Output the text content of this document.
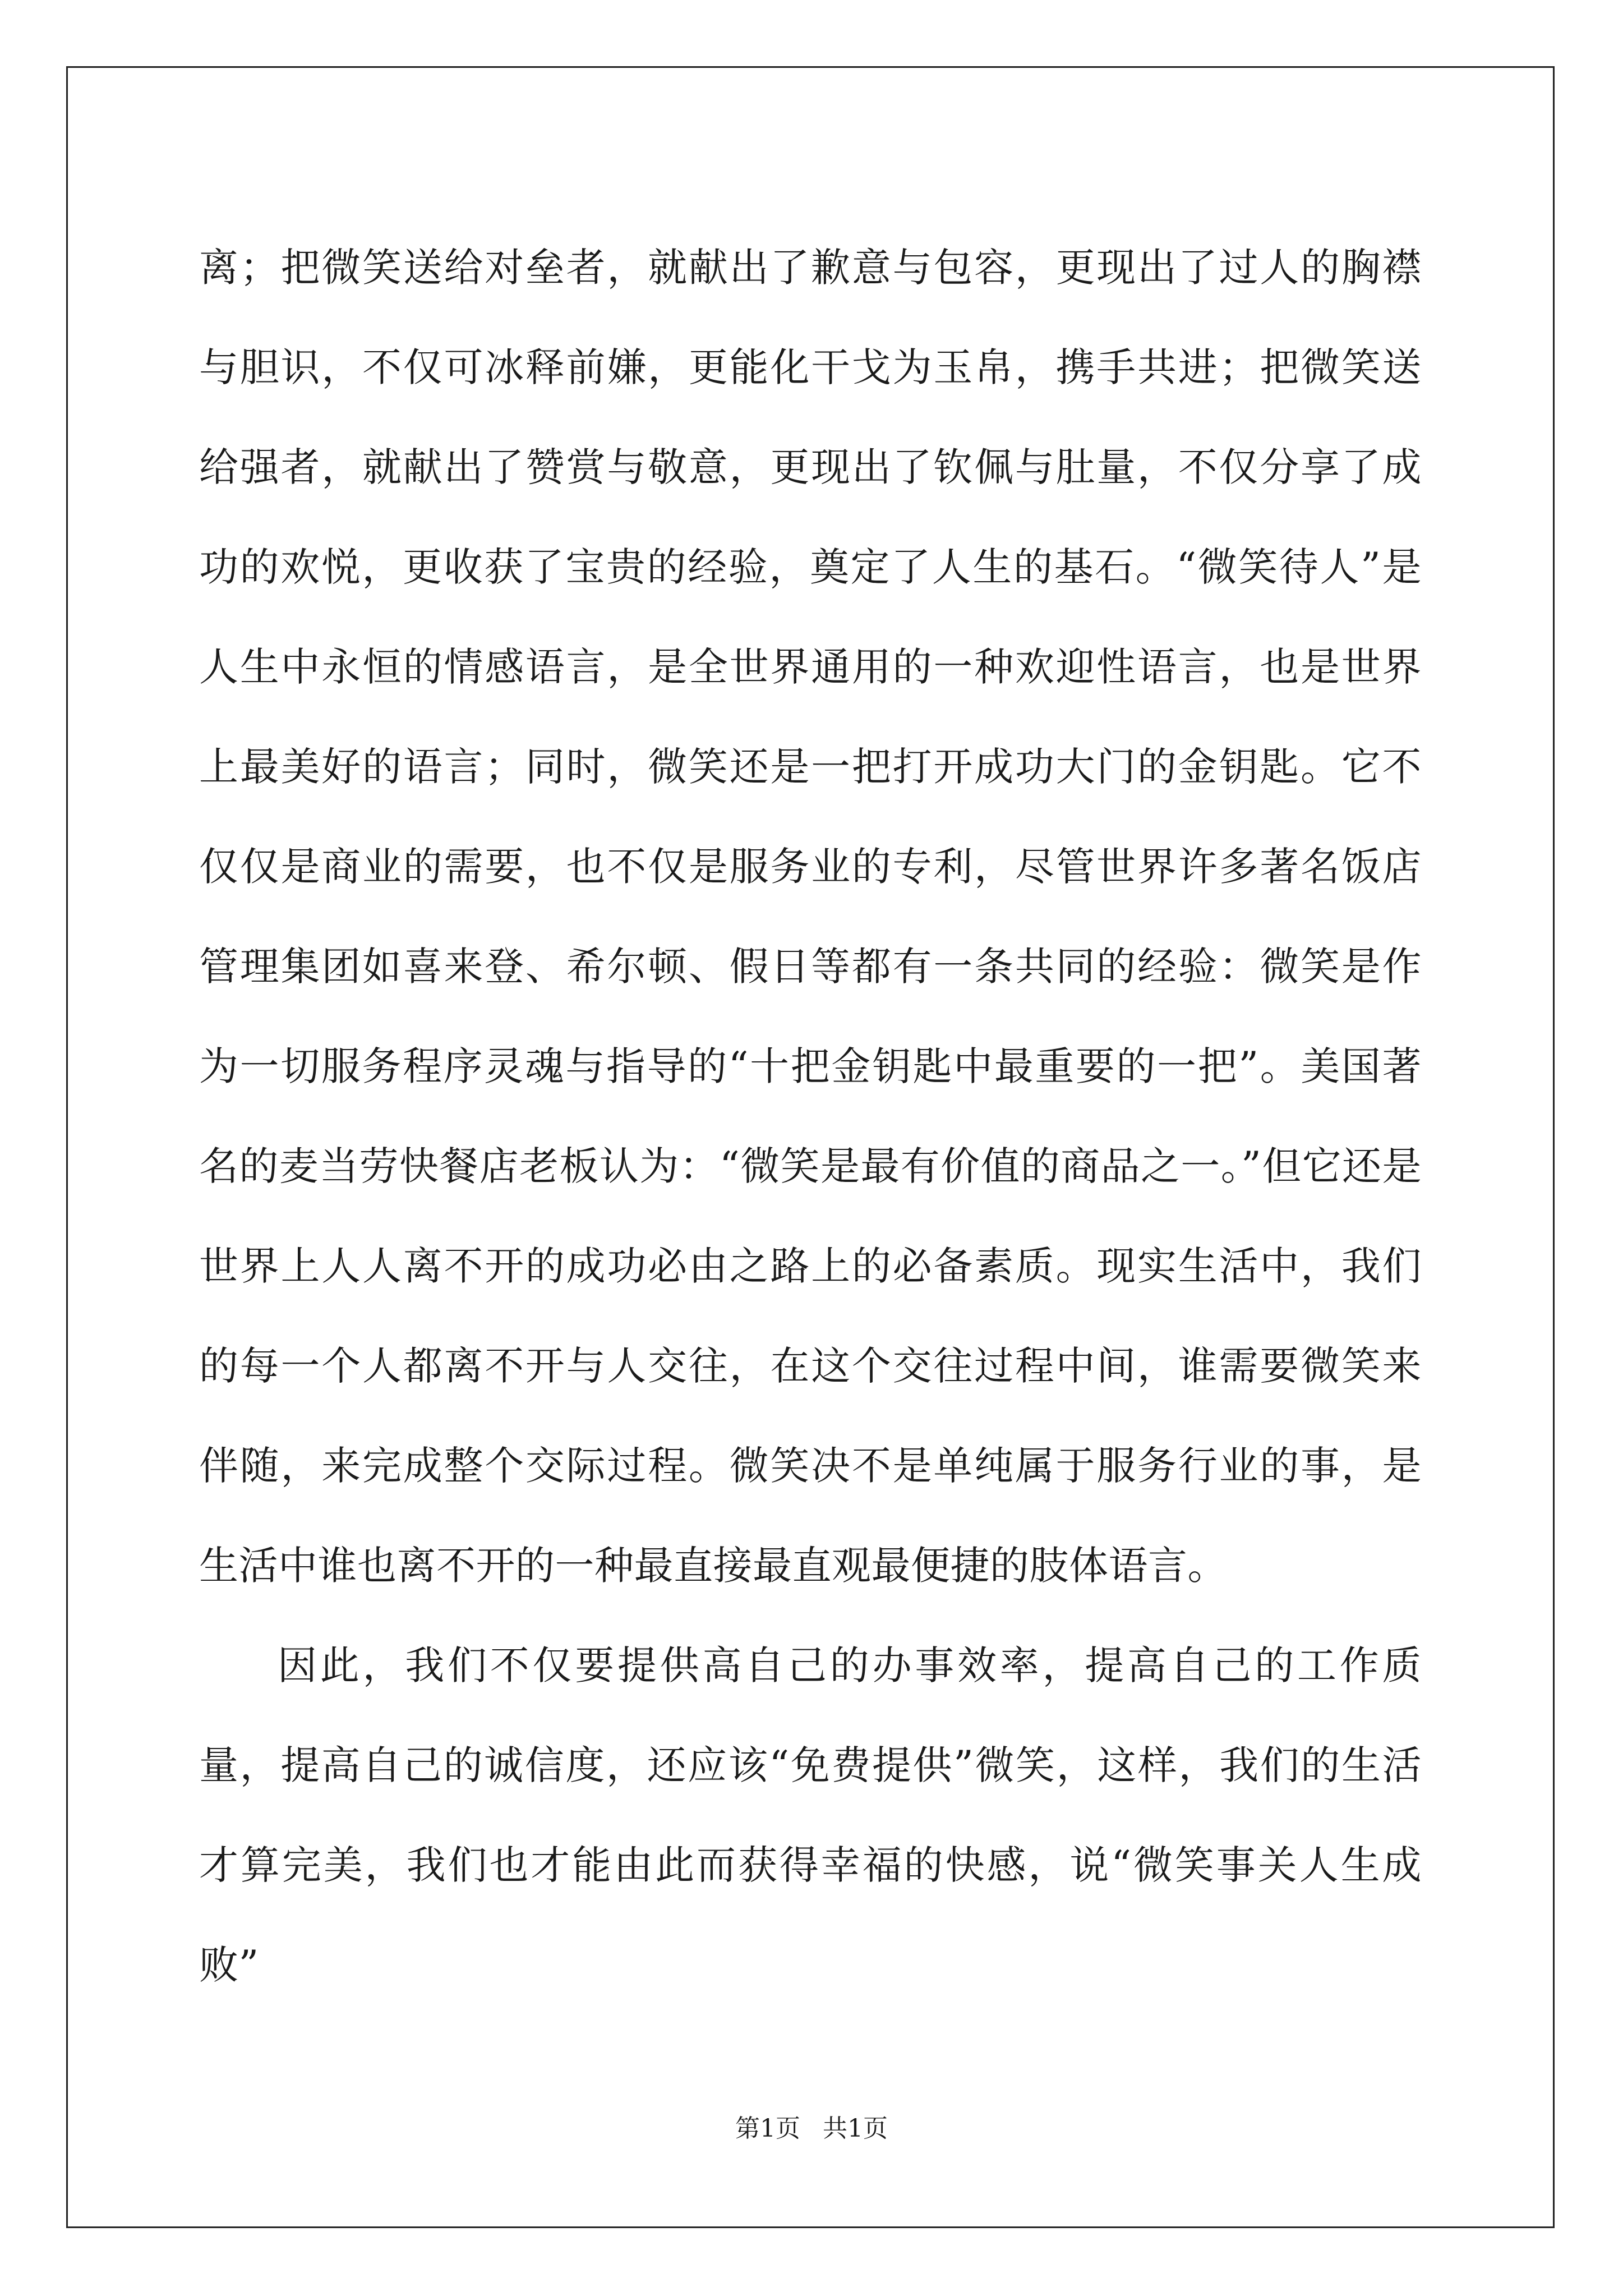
离；把微笑送给对垒者，就献出了歉意与包容，更现出了过人的胸襟与胆识，不仅可冰释前嫌，更能化干戈为玉帛，携手共进；把微笑送给强者，就献出了赞赏与敬意，更现出了钦佩与肚量，不仅分享了成功的欢悦，更收获了宝贵的经验，奠定了人生的基石。“微笑待人”是人生中永恒的情感语言，是全世界通用的一种欢迎性语言，也是世界上最美好的语言；同时，微笑还是一把打开成功大门的金钥匙。它不仅仅是商业的需要，也不仅是服务业的专利，尽管世界许多著名饭店管理集团如喜来登、希尔顿、假日等都有一条共同的经验：微笑是作为一切服务程序灵魂与指导的“十把金钥匙中最重要的一把”。美国著名的麦当劳快餐店老板认为：“微笑是最有价值的商品之一。”但它还是世界上人人离不开的成功必由之路上的必备素质。现实生活中，我们的每一个人都离不开与人交往，在这个交往过程中间，谁需要微笑来伴随，来完成整个交际过程。微笑决不是单纯属于服务行业的事，是生活中谁也离不开的一种最直接最直观最便捷的肢体语言。

因此，我们不仅要提供高自己的办事效率，提高自己的工作质量，提高自己的诚信度，还应该“免费提供”微笑，这样，我们的生活才算完美，我们也才能由此而获得幸福的快感，说“微笑事关人生成败”

第1页 共1页
